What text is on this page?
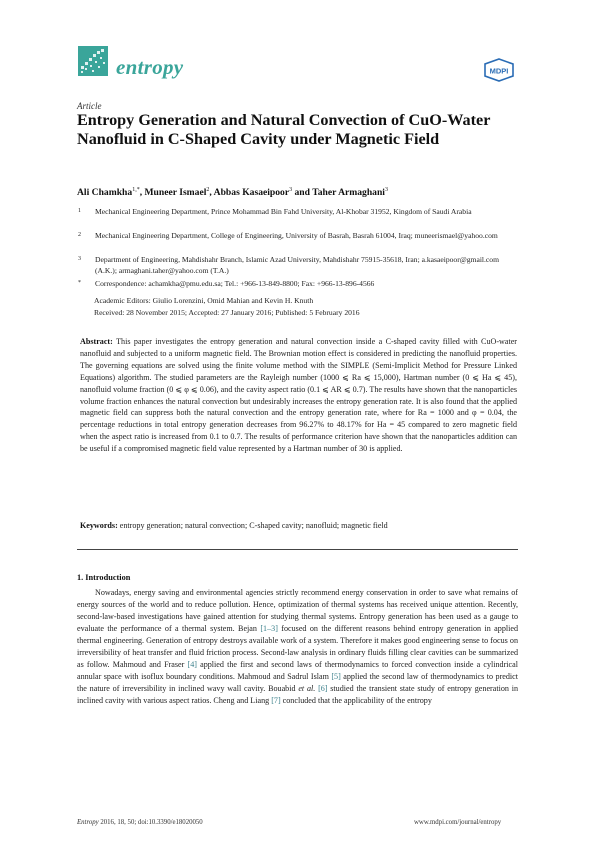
entropy	MDPI
Article
Entropy Generation and Natural Convection of CuO-Water Nanofluid in C-Shaped Cavity under Magnetic Field
Ali Chamkha$^{1,*}$, Muneer Ismael$^2$, Abbas Kasaeipoor$^3$ and Taher Armaghani$^3$
1 Mechanical Engineering Department, Prince Mohammad Bin Fahd University, Al-Khobar 31952, Kingdom of Saudi Arabia
2 Mechanical Engineering Department, College of Engineering, University of Basrah, Basrah 61004, Iraq; muneerismael@yahoo.com
3 Department of Engineering, Mahdishahr Branch, Islamic Azad University, Mahdishahr 75915-35618, Iran; a.kasaeipoor@gmail.com (A.K.); armaghani.taher@yahoo.com (T.A.)
* Correspondence: achamkha@pmu.edu.sa; Tel.: +966-13-849-8800; Fax: +966-13-896-4566
Academic Editors: Giulio Lorenzini, Omid Mahian and Kevin H. Knuth
Received: 28 November 2015; Accepted: 27 January 2016; Published: 5 February 2016
Abstract: This paper investigates the entropy generation and natural convection inside a C-shaped cavity filled with CuO-water nanofluid and subjected to a uniform magnetic field. The Brownian motion effect is considered in predicting the nanofluid properties. The governing equations are solved using the finite volume method with the SIMPLE (Semi-Implicit Method for Pressure Linked Equations) algorithm. The studied parameters are the Rayleigh number (1000 ⩽ Ra ⩽ 15,000), Hartman number (0 ⩽ Ha ⩽ 45), nanofluid volume fraction (0 ⩽ φ ⩽ 0.06), and the cavity aspect ratio (0.1 ⩽ AR ⩽ 0.7). The results have shown that the nanoparticles volume fraction enhances the natural convection but undesirably increases the entropy generation rate. It is also found that the applied magnetic field can suppress both the natural convection and the entropy generation rate, where for Ra = 1000 and φ = 0.04, the percentage reductions in total entropy generation decreases from 96.27% to 48.17% for Ha = 45 compared to zero magnetic field when the aspect ratio is increased from 0.1 to 0.7. The results of performance criterion have shown that the nanoparticles addition can be useful if a compromised magnetic field value represented by a Hartman number of 30 is applied.
Keywords: entropy generation; natural convection; C-shaped cavity; nanofluid; magnetic field
1. Introduction
Nowadays, energy saving and environmental agencies strictly recommend energy conservation in order to save what remains of energy sources of the world and to reduce pollution. Hence, optimization of thermal systems has received unique attention. Recently, second-law-based investigations have gained attention for studying thermal systems. Entropy generation has been used as a gauge to evaluate the performance of a thermal system. Bejan [1–3] focused on the different reasons behind entropy generation in applied thermal engineering. Generation of entropy destroys available work of a system. Therefore it makes good engineering sense to focus on irreversibility of heat transfer and fluid friction process. Second-law analysis in ordinary fluids filling clear cavities can be summarized as follow. Mahmoud and Fraser [4] applied the first and second laws of thermodynamics to forced convection inside a cylindrical annular space with isoflux boundary conditions. Mahmoud and Sadrul Islam [5] applied the second law of thermodynamics to predict the nature of irreversibility in inclined wavy wall cavity. Bouabid et al. [6] studied the transient state study of entropy generation in inclined cavity with various aspect ratios. Cheng and Liang [7] concluded that the applicability of the entropy
Entropy 2016, 18, 50; doi:10.3390/e18020050	www.mdpi.com/journal/entropy
